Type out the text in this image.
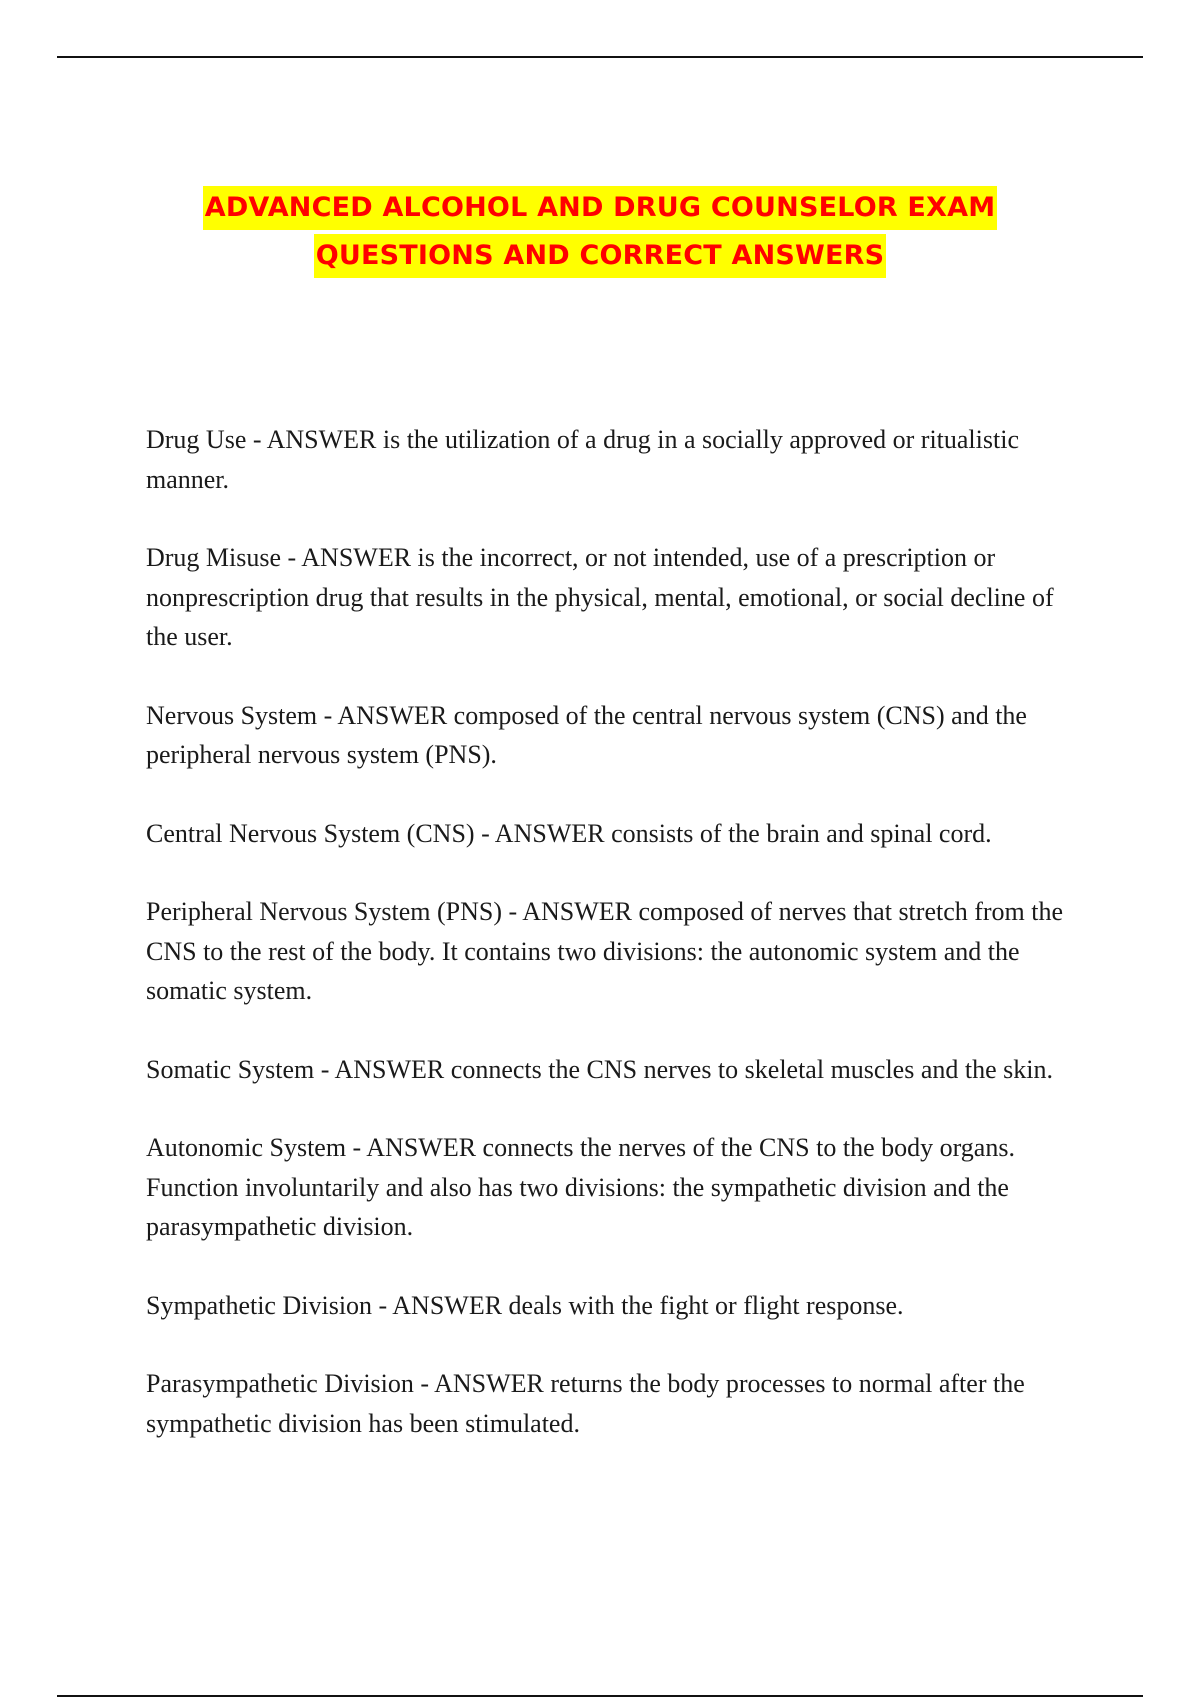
ADVANCED ALCOHOL AND DRUG COUNSELOR EXAM
QUESTIONS AND CORRECT ANSWERS

Drug Use - ANSWER is the utilization of a drug in a socially approved or ritualistic manner.

Drug Misuse - ANSWER is the incorrect, or not intended, use of a prescription or nonprescription drug that results in the physical, mental, emotional, or social decline of the user.

Nervous System - ANSWER composed of the central nervous system (CNS) and the peripheral nervous system (PNS).

Central Nervous System (CNS) - ANSWER consists of the brain and spinal cord.

Peripheral Nervous System (PNS) - ANSWER composed of nerves that stretch from the CNS to the rest of the body. It contains two divisions: the autonomic system and the somatic system.

Somatic System - ANSWER connects the CNS nerves to skeletal muscles and the skin.

Autonomic System - ANSWER connects the nerves of the CNS to the body organs. Function involuntarily and also has two divisions: the sympathetic division and the parasympathetic division.

Sympathetic Division - ANSWER deals with the fight or flight response.

Parasympathetic Division - ANSWER returns the body processes to normal after the sympathetic division has been stimulated.
